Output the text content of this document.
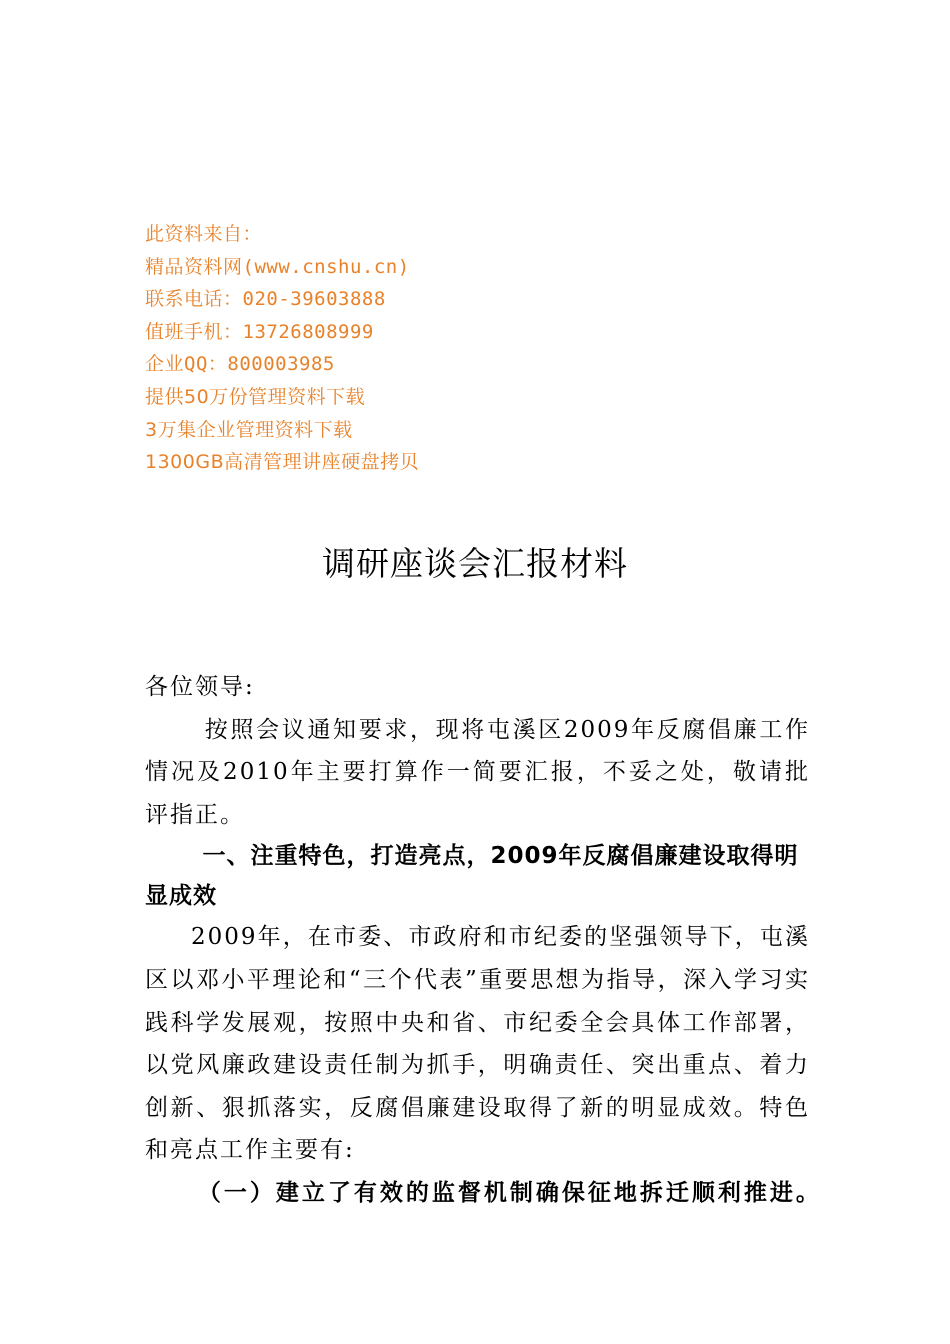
此资料来自：
精品资料网(www.cnshu.cn)
联系电话：020-39603888
值班手机：13726808999
企业QQ：800003985
提供50万份管理资料下载
3万集企业管理资料下载
1300GB高清管理讲座硬盘拷贝
调研座谈会汇报材料

各位领导:

按照会议通知要求，现将屯溪区2009年反腐倡廉工作情况及2010年主要打算作一简要汇报，不妥之处，敬请批评指正。

一、注重特色，打造亮点，2009年反腐倡廉建设取得明显成效

2009年，在市委、市政府和市纪委的坚强领导下，屯溪区以邓小平理论和“三个代表”重要思想为指导，深入学习实践科学发展观，按照中央和省、市纪委全会具体工作部署，以党风廉政建设责任制为抓手，明确责任、突出重点、着力创新、狠抓落实，反腐倡廉建设取得了新的明显成效。特色和亮点工作主要有:

（一）建立了有效的监督机制确保征地拆迁顺利推进。
